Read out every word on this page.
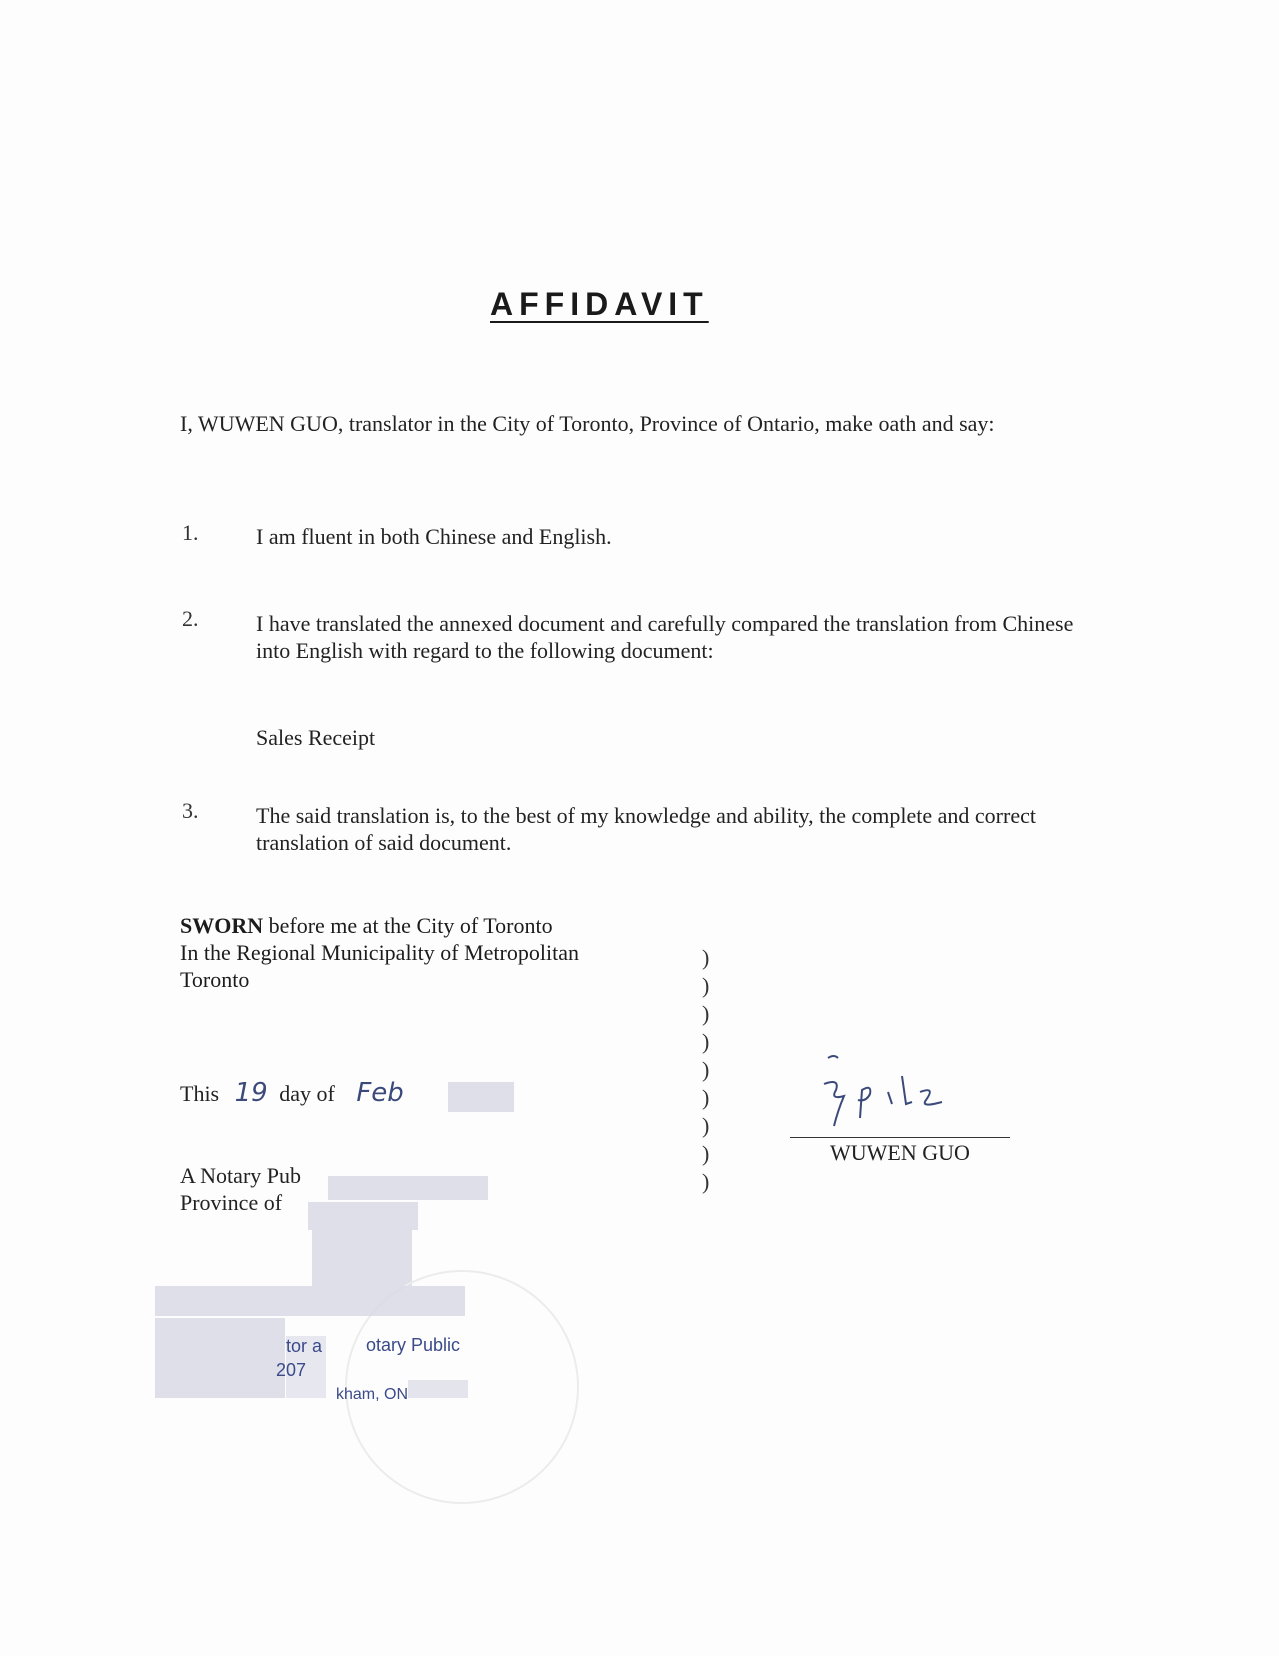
AFFIDAVIT
I, WUWEN GUO, translator in the City of Toronto, Province of Ontario, make oath and say:
1.	I am fluent in both Chinese and English.
2.	I have translated the annexed document and carefully compared the translation from Chinese into English with regard to the following document:
Sales Receipt
3.	The said translation is, to the best of my knowledge and ability, the complete and correct translation of said document.
SWORN before me at the City of Toronto
In the Regional Municipality of Metropolitan
Toronto
)
)
)
)
)
)
)
)
)
This 19 day of Feb
A Notary Pub
Province of
tor a otary Public
207
kham, ON
WUWEN GUO
